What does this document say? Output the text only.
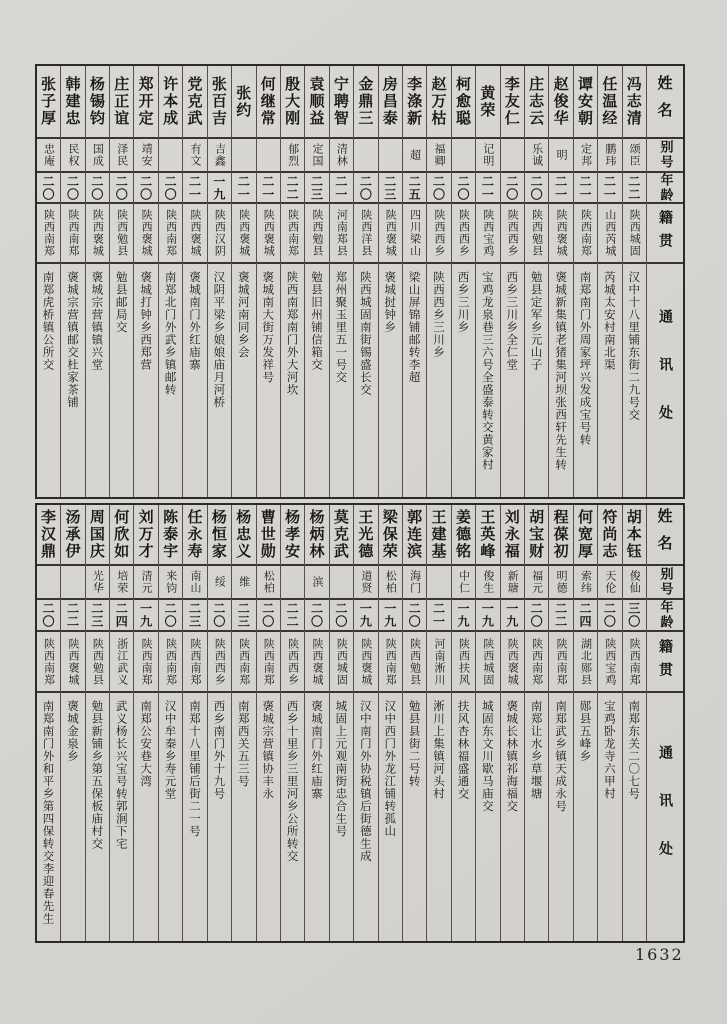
姓名
别号
年龄
籍贯
通讯处
冯志清
颂臣
二二
陕西城固
汉中十八里铺东街二九号交
任温经
鹏玮
二一
山西芮城
芮城太安村南北渠
谭安朝
定邦
二一
陕西南郑
南郑南门外周家坪兴发成宝号转
赵俊华
明
二一
陕西褒城
褒城新集镇老猪集河坝张西轩先生转
庄志云
乐诚
二〇
陕西勉县
勉县定军乡元山子
李友仁
二〇
陕西西乡
西乡三川乡全仁堂
黄荣
记明
二一
陕西宝鸡
宝鸡龙泉巷三六号全盛泰转交黄家村
柯愈聪
二〇
陕西西乡
西乡三川乡
赵万枯
福卿
二〇
陕西西乡
陕西西乡三川乡
李涤新
超
二五
四川梁山
梁山屏锦铺邮转李超
房昌泰
二三
陕西褒城
褒城挝钟乡
金鼎三
二〇
陕西洋县
陕西城固南街锡盛长交
宁聘智
清林
二一
河南郑县
郑州聚玉里五一号交
袁顺益
定国
二三
陕西勉县
勉县旧州铺信箱交
殷大刚
郁烈
二二
陕西南郑
陕西南郑南门外大河坎
何继常
二一
陕西褒城
褒城南大街万发祥号
张约
二一
陕西褒城
褒城河南同乡会
张百吉
吉鑫
一九
陕西汉阴
汉阴平梁乡娘娘庙月河桥
党克武
有文
二一
陕西褒城
褒城南门外红庙寨
许本成
二〇
陕西南郑
南郑北门外武乡镇邮转
郑开定
靖安
二〇
陕西褒城
褒城打钟乡西郑营
庄正谊
泽民
二〇
陕西勉县
勉县邮局交
杨锡钧
国成
二〇
陕西褒城
褒城宗营镇镇兴堂
韩建忠
民权
二〇
陕西南郑
褒城宗营镇邮交杜家茶铺
张子厚
忠庵
二〇
陕西南郑
南郑虎桥镇公所交
姓名
别号
年龄
籍贯
通讯处
胡本钰
俊仙
三〇
陕西南郑
南郑东关二〇七号
符尚志
天伦
二〇
陕西宝鸡
宝鸡卧龙寺六甲村
何宽厚
索纬
二四
湖北郧县
郧县五峰乡
程葆初
明德
二二
陕西南郑
南郑武乡镇天成永号
胡宝财
福元
二〇
陕西南郑
南郑让水乡草堰塘
刘永福
新瑭
一九
陕西褒城
褒城长林镇祁海福交
王英峰
俊生
一九
陕西城固
城固东文川歇马庙交
姜德铭
中仁
一九
陕西扶风
扶风杏林福盛通交
王建基
二一
河南淅川
淅川上集镇河头村
郭连滨
海门
二〇
陕西勉县
勉县县街二号转
梁保荣
松柏
一九
陕西南郑
汉中西门外龙江铺转孤山
王光德
道贤
一九
陕西褒城
汉中南门外协税镇后街德生成
莫克武
二〇
陕西城固
城固上元观南街忠合生号
杨炳林
滨
二〇
陕西褒城
褒城南门外红庙寨
杨孝安
二二
陕西西乡
西乡十里乡三里河乡公所转交
曹世勋
松柏
二〇
陕西南郑
褒城宗营镇协丰永
杨忠义
维
二三
陕西南郑
南郑西关五三号
杨恒家
绥
二〇
陕西西乡
西乡南门外十九号
任永寿
南山
二三
陕西南郑
南郑十八里铺后街二一号
陈泰宇
来钧
二〇
陕西南郑
汉中牟秦乡寿元堂
刘万才
清元
一九
陕西南郑
南郑公安巷大湾
何欣如
培荣
二四
浙江武义
武义杨长兴宝号转郭涧下宅
周国庆
光华
二三
陕西勉县
勉县新铺乡第五保板庙村交
汤承伊
二二
陕西褒城
褒城金泉乡
李汉鼎
二〇
陕西南郑
南郑南门外和平乡第四保转交李迎春先生
1632
